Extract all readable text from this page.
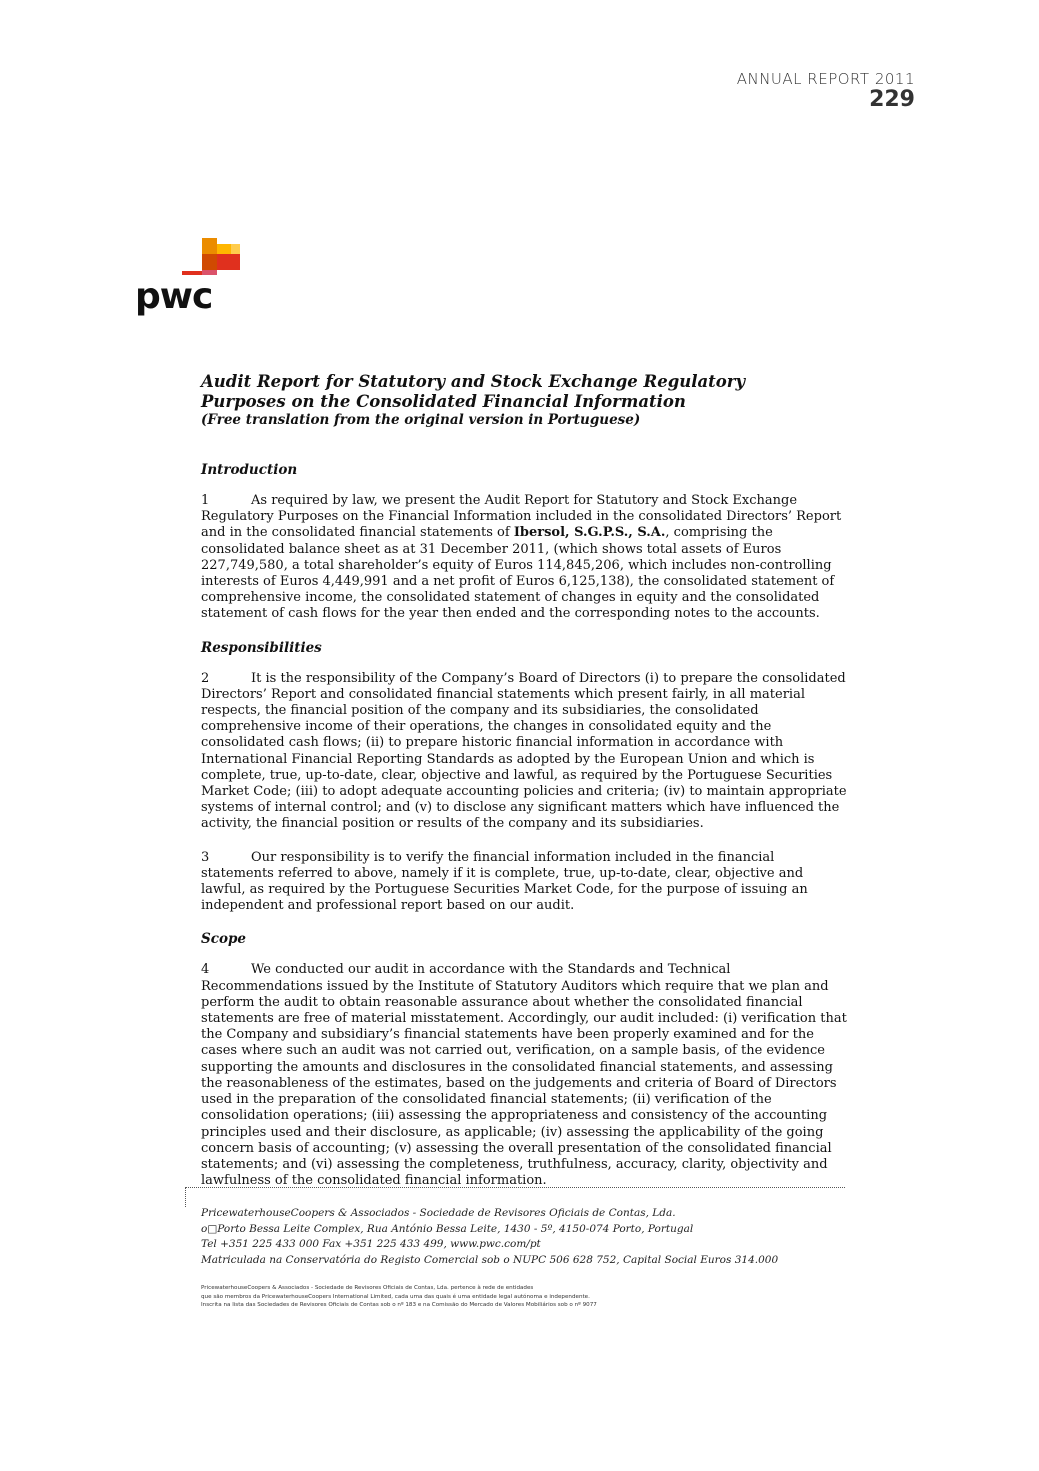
ANNUAL REPORT 2011
229
pwc
Audit Report for Statutory and Stock Exchange Regulatory
Purposes on the Consolidated Financial Information
(Free translation from the original version in Portuguese)
Introduction

1	As required by law, we present the Audit Report for Statutory and Stock Exchange Regulatory Purposes on the Financial Information included in the consolidated Directors’ Report and in the consolidated financial statements of Ibersol, S.G.P.S., S.A., comprising the consolidated balance sheet as at 31 December 2011, (which shows total assets of Euros 227,749,580, a total shareholder’s equity of Euros 114,845,206, which includes non-controlling interests of Euros 4,449,991 and a net profit of Euros 6,125,138), the consolidated statement of comprehensive income, the consolidated statement of changes in equity and the consolidated statement of cash flows for the year then ended and the corresponding notes to the accounts.

Responsibilities

2	It is the responsibility of the Company’s Board of Directors (i) to prepare the consolidated Directors’ Report and consolidated financial statements which present fairly, in all material respects, the financial position of the company and its subsidiaries, the consolidated comprehensive income of their operations, the changes in consolidated equity and the consolidated cash flows; (ii) to prepare historic financial information in accordance with International Financial Reporting Standards as adopted by the European Union and which is complete, true, up-to-date, clear, objective and lawful, as required by the Portuguese Securities Market Code; (iii) to adopt adequate accounting policies and criteria; (iv) to maintain appropriate systems of internal control; and (v) to disclose any significant matters which have influenced the activity, the financial position or results of the company and its subsidiaries.

3	Our responsibility is to verify the financial information included in the financial statements referred to above, namely if it is complete, true, up-to-date, clear, objective and lawful, as required by the Portuguese Securities Market Code, for the purpose of issuing an independent and professional report based on our audit.

Scope

4	We conducted our audit in accordance with the Standards and Technical Recommendations issued by the Institute of Statutory Auditors which require that we plan and perform the audit to obtain reasonable assurance about whether the consolidated financial statements are free of material misstatement. Accordingly, our audit included: (i) verification that the Company and subsidiary’s financial statements have been properly examined and for the cases where such an audit was not carried out, verification, on a sample basis, of the evidence supporting the amounts and disclosures in the consolidated financial statements, and assessing the reasonableness of the estimates, based on the judgements and criteria of Board of Directors used in the preparation of the consolidated financial statements; (ii) verification of the consolidation operations; (iii) assessing the appropriateness and consistency of the accounting principles used and their disclosure, as applicable; (iv) assessing the applicability of the going concern basis of accounting; (v) assessing the overall presentation of the consolidated financial statements; and (vi) assessing the completeness, truthfulness, accuracy, clarity, objectivity and lawfulness of the consolidated financial information.

PricewaterhouseCoopers & Associados - Sociedade de Revisores Oficiais de Contas, Lda.
o□Porto Bessa Leite Complex, Rua António Bessa Leite, 1430 - 5º, 4150-074 Porto, Portugal
Tel +351 225 433 000 Fax +351 225 433 499, www.pwc.com/pt
Matriculada na Conservatória do Registo Comercial sob o NUPC 506 628 752, Capital Social Euros 314.000
PricewaterhouseCoopers & Associados - Sociedade de Revisores Oficiais de Contas, Lda. pertence à rede de entidades
que são membros da PricewaterhouseCoopers International Limited, cada uma das quais é uma entidade legal autónoma e independente.
Inscrita na lista das Sociedades de Revisores Oficiais de Contas sob o nº 183 e na Comissão do Mercado de Valores Mobiliários sob o nº 9077
